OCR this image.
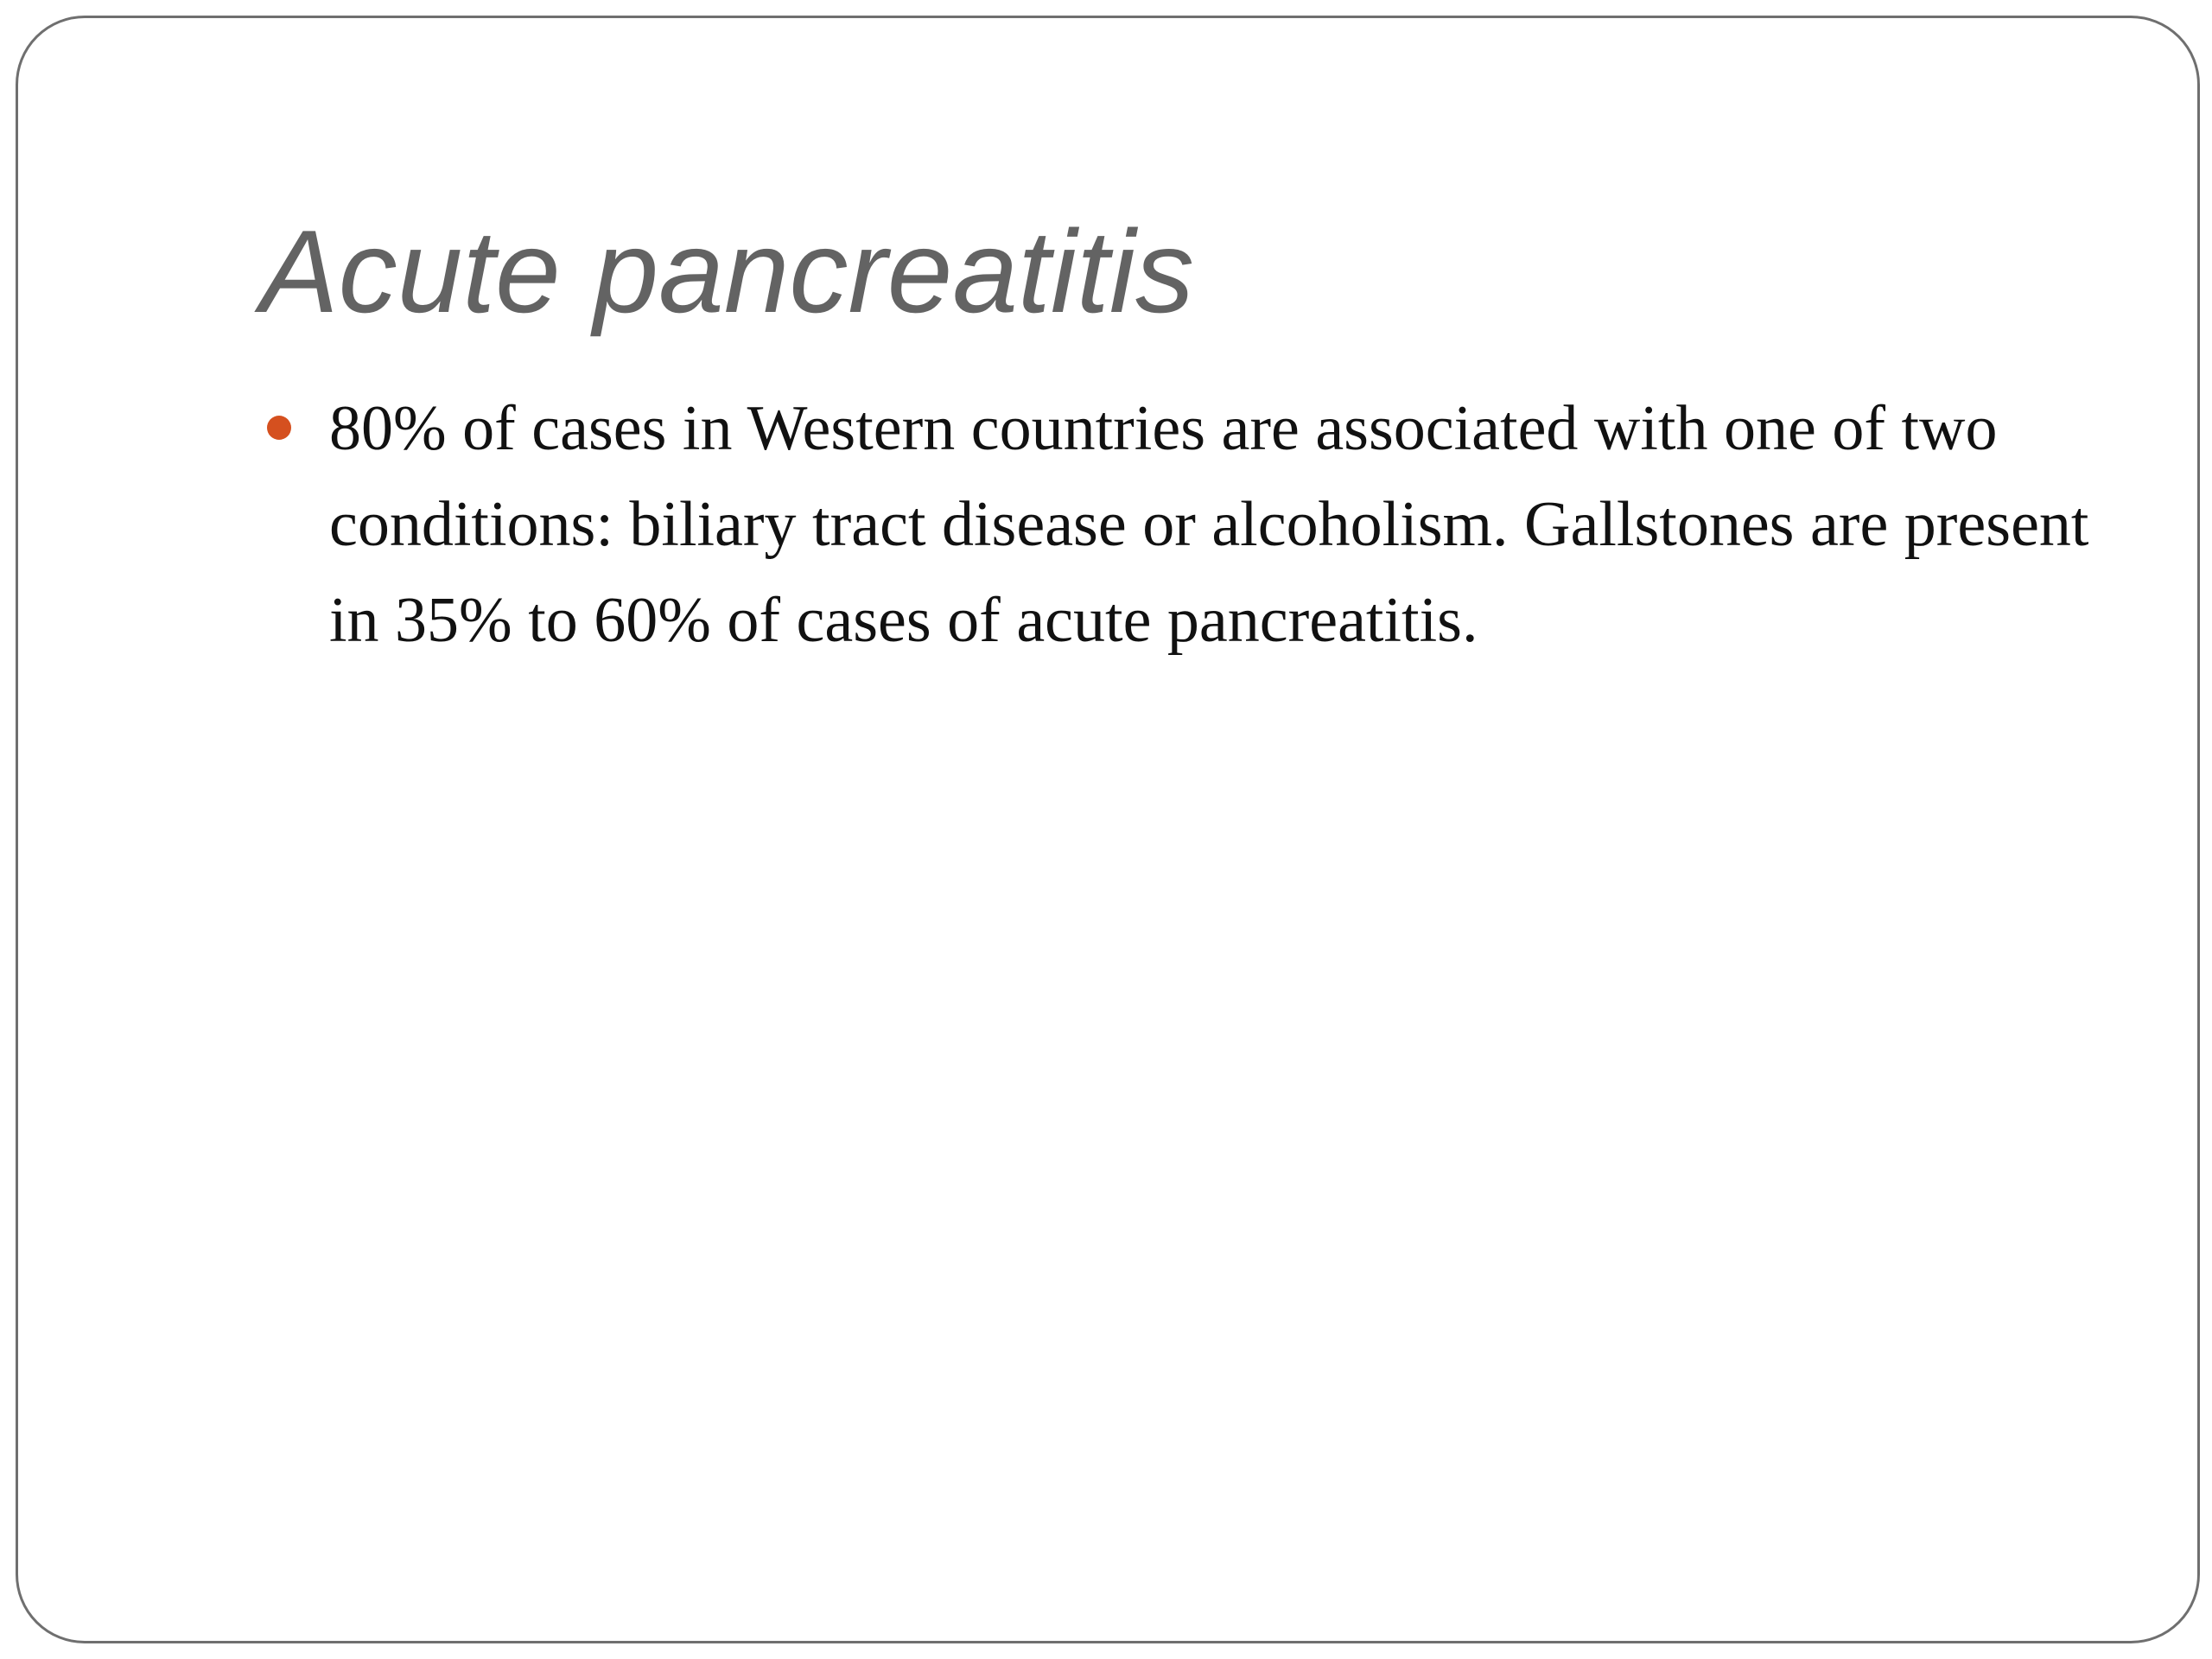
Acute pancreatitis
80% of cases in Western countries are associated with one of two conditions: biliary tract disease or alcoholism. Gallstones are present in 35% to 60% of cases of acute pancreatitis.
